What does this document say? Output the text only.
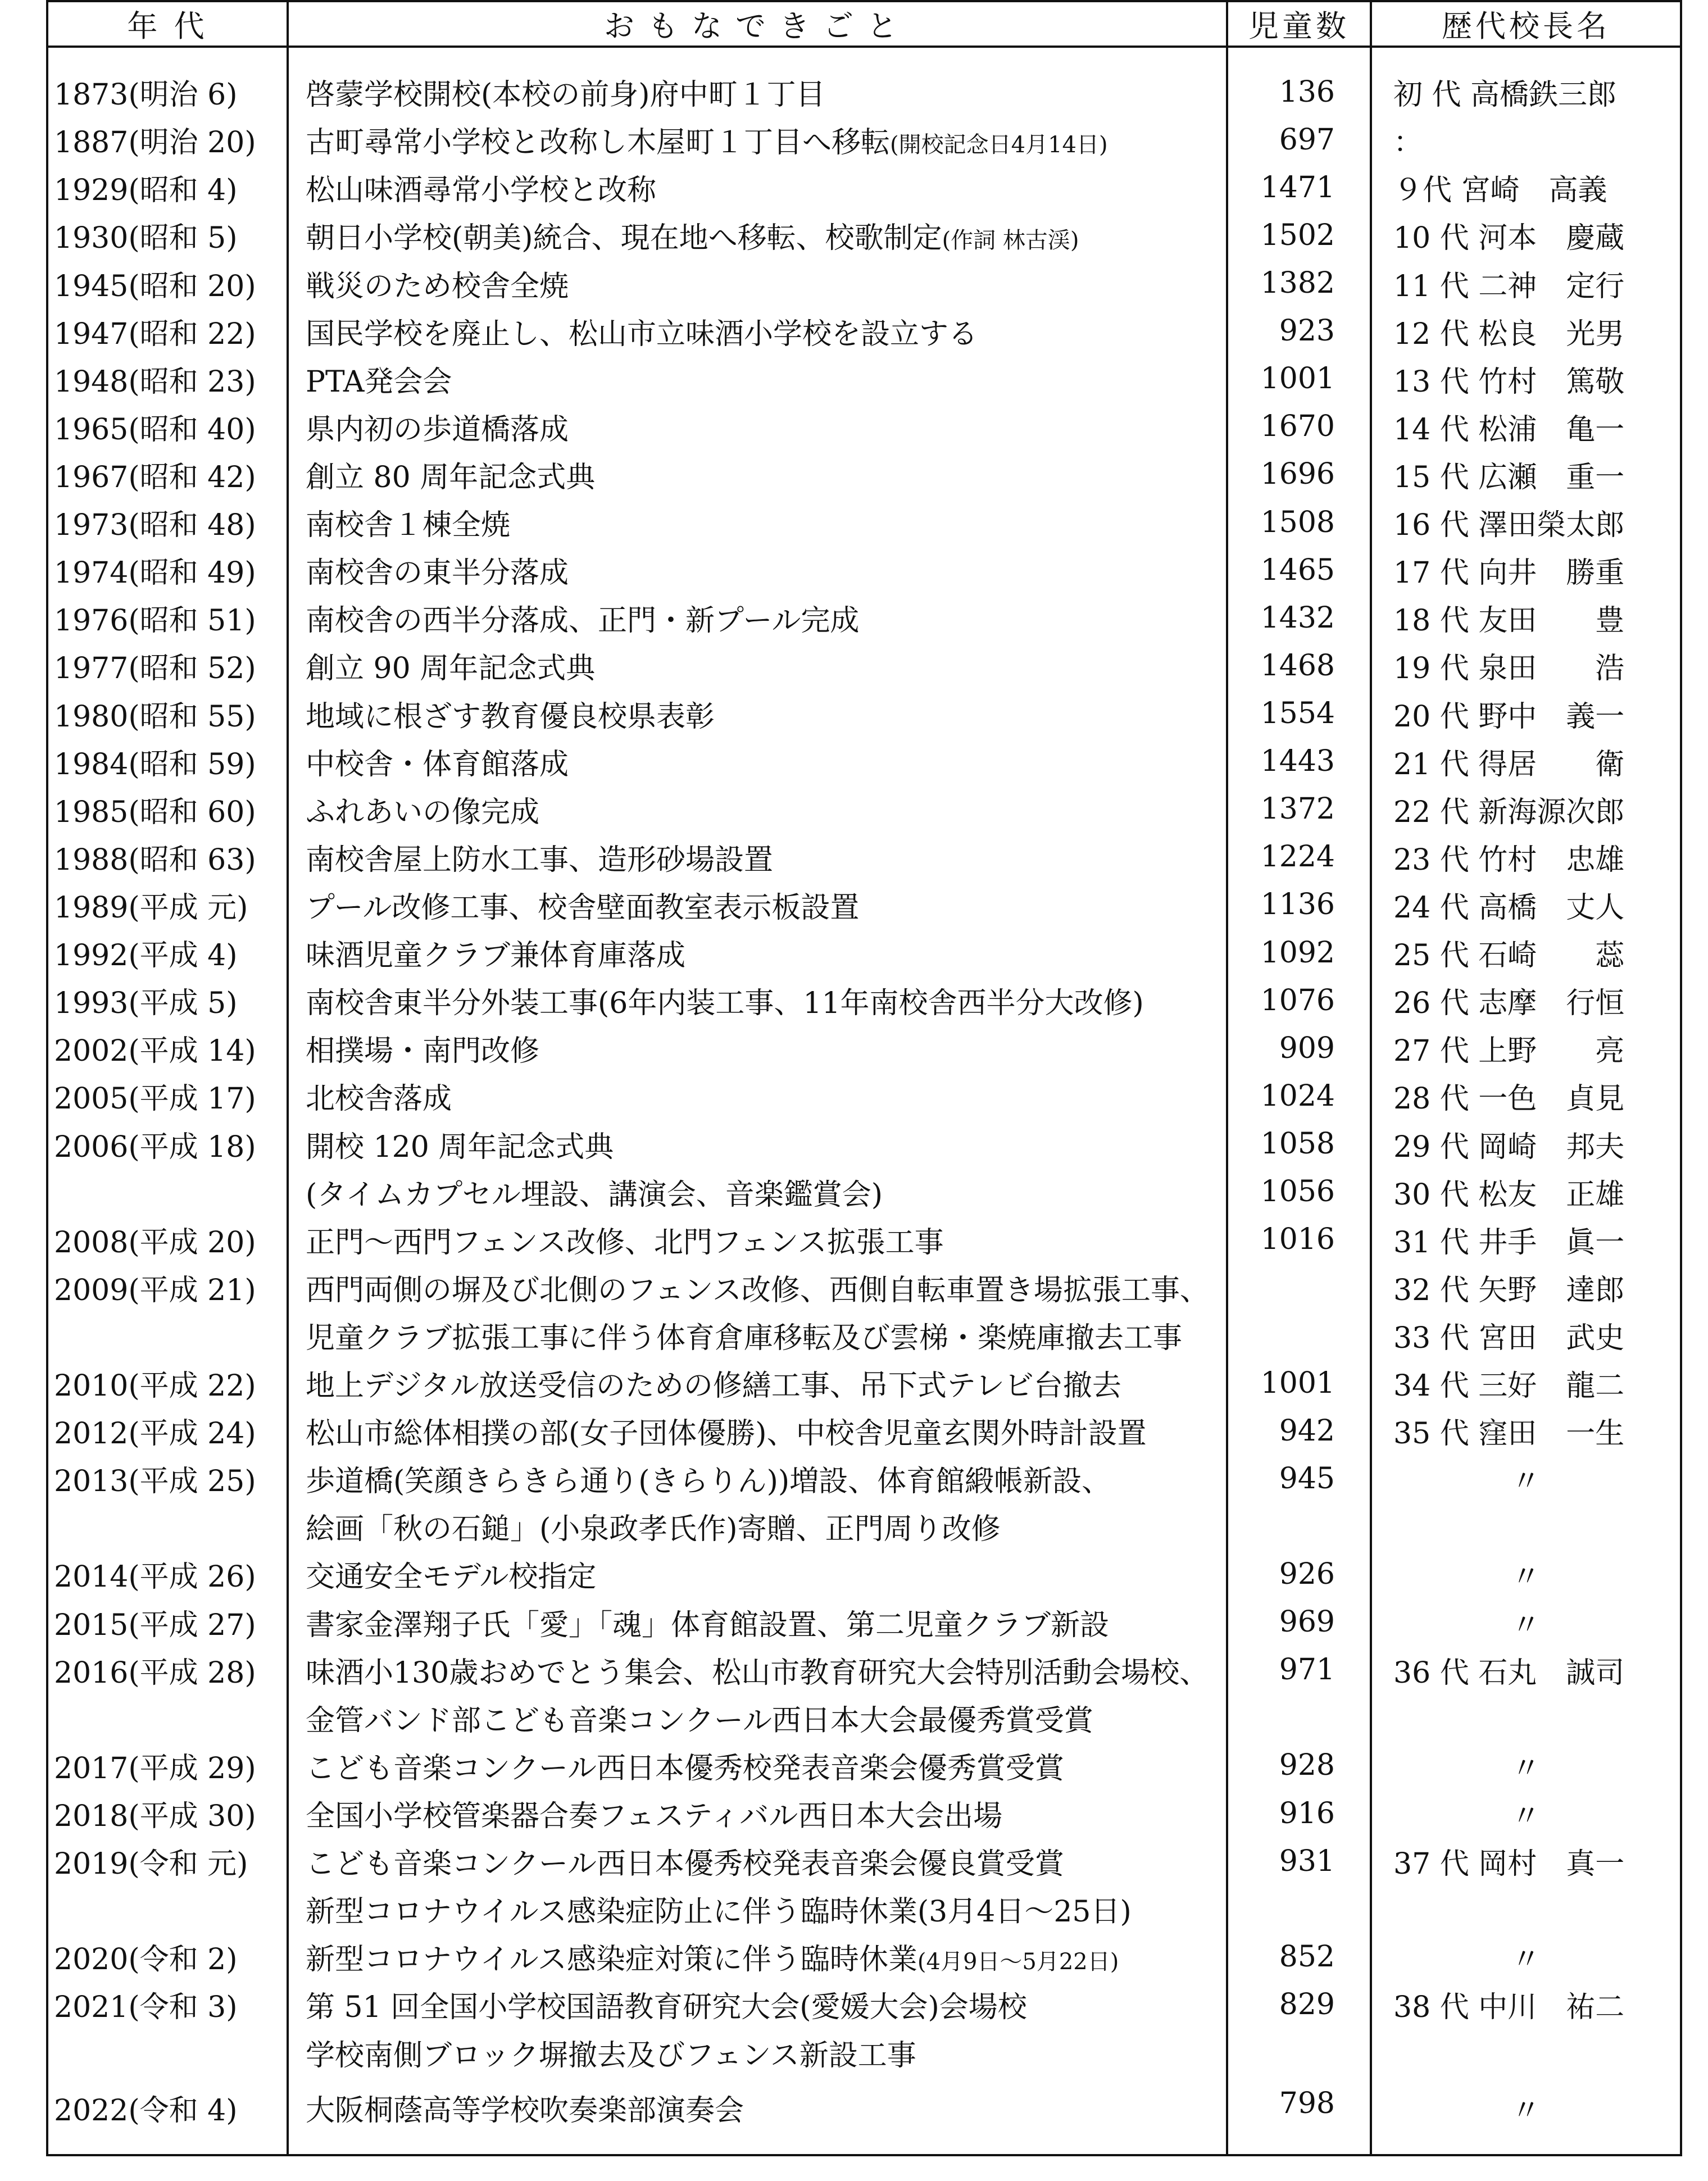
年 代	おもなできごと	児童数	歴代校長名
1873(明治 6)	啓蒙学校開校(本校の前身)府中町１丁目	136	初 代 高橋鉄三郎
1887(明治 20)	古町尋常小学校と改称し木屋町１丁目へ移転(開校記念日4月14日)	697	：
1929(昭和 4)	松山味酒尋常小学校と改称	1471	９代 宮崎　高義
1930(昭和 5)	朝日小学校(朝美)統合、現在地へ移転、校歌制定(作詞 林古渓)	1502	10 代 河本　慶蔵
1945(昭和 20)	戦災のため校舎全焼	1382	11 代 二神　定行
1947(昭和 22)	国民学校を廃止し、松山市立味酒小学校を設立する	923	12 代 松良　光男
1948(昭和 23)	PTA発会会	1001	13 代 竹村　篤敬
1965(昭和 40)	県内初の歩道橋落成	1670	14 代 松浦　亀一
1967(昭和 42)	創立 80 周年記念式典	1696	15 代 広瀬　重一
1973(昭和 48)	南校舎１棟全焼	1508	16 代 澤田榮太郎
1974(昭和 49)	南校舎の東半分落成	1465	17 代 向井　勝重
1976(昭和 51)	南校舎の西半分落成、正門・新プール完成	1432	18 代 友田　　豊
1977(昭和 52)	創立 90 周年記念式典	1468	19 代 泉田　　浩
1980(昭和 55)	地域に根ざす教育優良校県表彰	1554	20 代 野中　義一
1984(昭和 59)	中校舎・体育館落成	1443	21 代 得居　　衛
1985(昭和 60)	ふれあいの像完成	1372	22 代 新海源次郎
1988(昭和 63)	南校舎屋上防水工事、造形砂場設置	1224	23 代 竹村　忠雄
1989(平成 元)	プール改修工事、校舎壁面教室表示板設置	1136	24 代 高橋　丈人
1992(平成 4)	味酒児童クラブ兼体育庫落成	1092	25 代 石崎　　蕊
1993(平成 5)	南校舎東半分外装工事(6年内装工事、11年南校舎西半分大改修)	1076	26 代 志摩　行恒
2002(平成 14)	相撲場・南門改修	909	27 代 上野　　亮
2005(平成 17)	北校舎落成	1024	28 代 一色　貞見
2006(平成 18)	開校 120 周年記念式典	1058	29 代 岡崎　邦夫
	(タイムカプセル埋設、講演会、音楽鑑賞会)	1056	30 代 松友　正雄
2008(平成 20)	正門～西門フェンス改修、北門フェンス拡張工事	1016	31 代 井手　眞一
2009(平成 21)	西門両側の塀及び北側のフェンス改修、西側自転車置き場拡張工事、		32 代 矢野　達郎
	児童クラブ拡張工事に伴う体育倉庫移転及び雲梯・楽焼庫撤去工事		33 代 宮田　武史
2010(平成 22)	地上デジタル放送受信のための修繕工事、吊下式テレビ台撤去	1001	34 代 三好　龍二
2012(平成 24)	松山市総体相撲の部(女子団体優勝)、中校舎児童玄関外時計設置	942	35 代 窪田　一生
2013(平成 25)	歩道橋(笑顔きらきら通り(きらりん))増設、体育館緞帳新設、	945	〃
	絵画「秋の石鎚」(小泉政孝氏作)寄贈、正門周り改修		
2014(平成 26)	交通安全モデル校指定	926	〃
2015(平成 27)	書家金澤翔子氏「愛」「魂」体育館設置、第二児童クラブ新設	969	〃
2016(平成 28)	味酒小130歳おめでとう集会、松山市教育研究大会特別活動会場校、	971	36 代 石丸　誠司
	金管バンド部こども音楽コンクール西日本大会最優秀賞受賞		
2017(平成 29)	こども音楽コンクール西日本優秀校発表音楽会優秀賞受賞	928	〃
2018(平成 30)	全国小学校管楽器合奏フェスティバル西日本大会出場	916	〃
2019(令和 元)	こども音楽コンクール西日本優秀校発表音楽会優良賞受賞	931	37 代 岡村　真一
	新型コロナウイルス感染症防止に伴う臨時休業(3月4日～25日)		
2020(令和 2)	新型コロナウイルス感染症対策に伴う臨時休業(4月9日～5月22日)	852	〃
2021(令和 3)	第 51 回全国小学校国語教育研究大会(愛媛大会)会場校	829	38 代 中川　祐二
	学校南側ブロック塀撤去及びフェンス新設工事		
2022(令和 4)	大阪桐蔭高等学校吹奏楽部演奏会	798	〃
